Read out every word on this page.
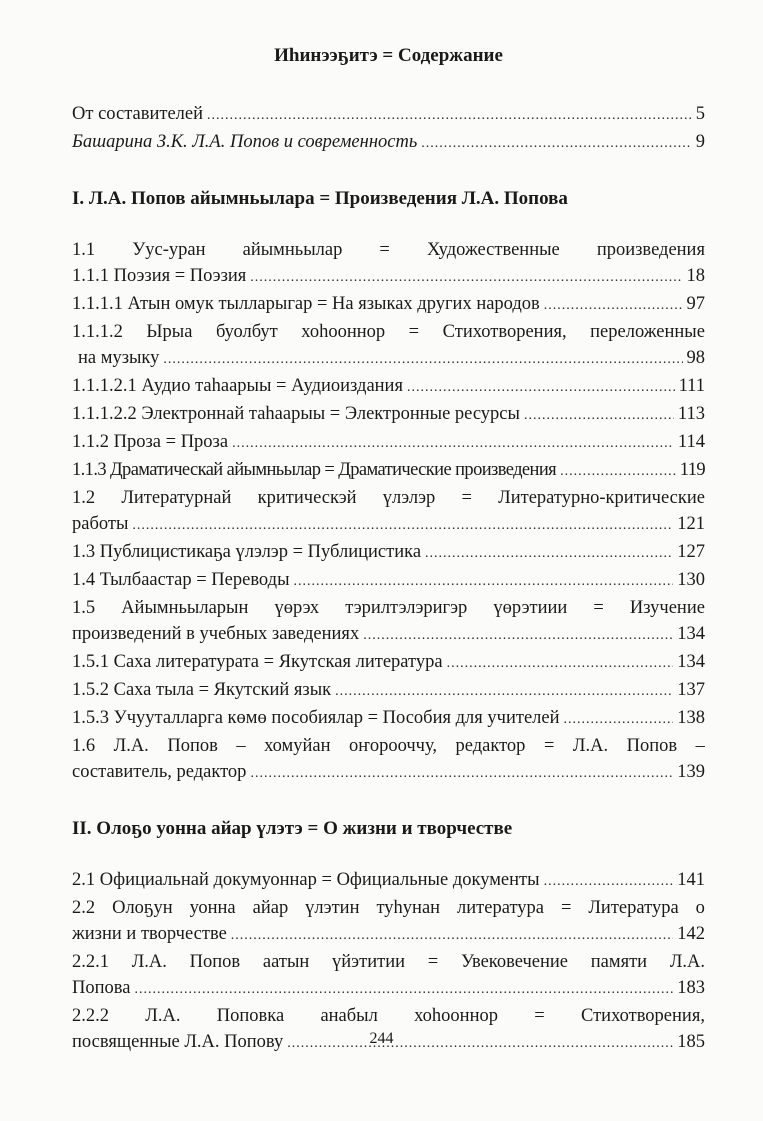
Иһинээҕитэ = Содержание
От составителей .....	5
Башарина З.К. Л.А. Попов и современность .....	9
I. Л.А. Попов айымньылара = Произведения Л.А. Попова
1.1 Уус-уран айымньылар = Художественные произведения
1.1.1 Поэзия = Поэзия .....	18
1.1.1.1 Атын омук тылларыгар = На языках других народов .....	97
1.1.1.2 Ырыа буолбут хоһооннор = Стихотворения, переложенные
на музыку .....	98
1.1.1.2.1 Аудио таһаарыы = Аудиоиздания .....	111
1.1.1.2.2 Электроннай таһаарыы = Электронные ресурсы .....	113
1.1.2 Проза = Проза .....	114
1.1.3 Драматическай айымньылар = Драматические произведения .....	119
1.2 Литературнай критическэй үлэлэр = Литературно-критические
работы .....	121
1.3 Публицистикаҕа үлэлэр = Публицистика .....	127
1.4 Тылбаастар = Переводы .....	130
1.5 Айымньыларын үөрэх тэрилтэлэригэр үөрэтиии = Изучение
произведений в учебных заведениях .....	134
1.5.1 Саха литературата = Якутская литература .....	134
1.5.2 Саха тыла = Якутский язык .....	137
1.5.3 Учууталларга көмө пособиялар = Пособия для учителей .....	138
1.6 Л.А. Попов – хомуйан оҥорооччу, редактор = Л.А. Попов –
составитель, редактор .....	139
II. Олоҕо уонна айар үлэтэ = О жизни и творчестве
2.1 Официальнай докумуоннар = Официальные документы .....	141
2.2 Олоҕун уонна айар үлэтин туһунан литература = Литература о
жизни и творчестве .....	142
2.2.1 Л.А. Попов аатын үйэтитии = Увековечение памяти Л.А.
Попова .....	183
2.2.2 Л.А. Поповка анабыл хоһооннор = Стихотворения,
посвященные Л.А. Попову .....	185
244
